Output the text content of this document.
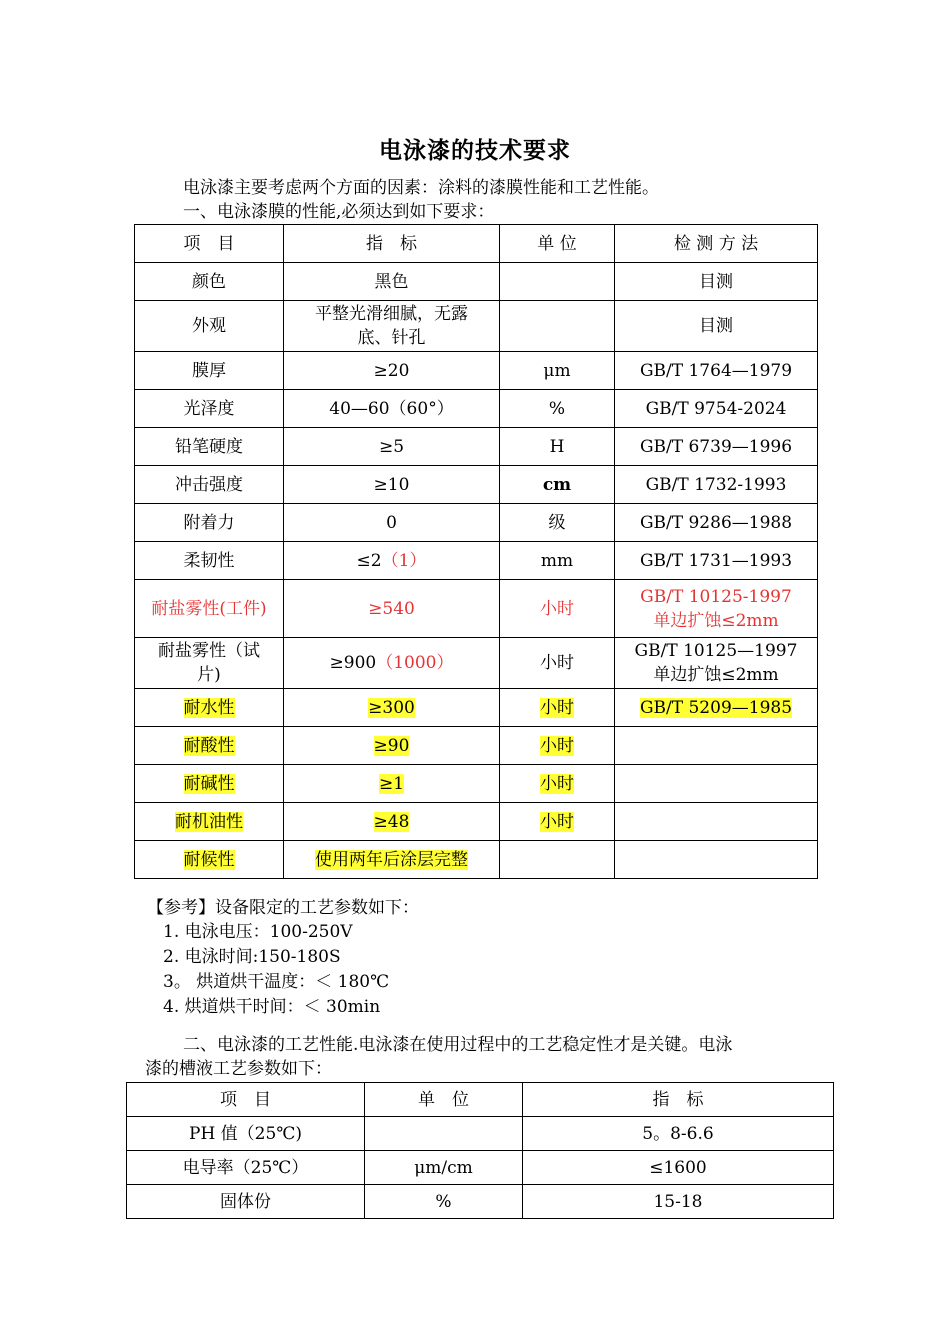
电泳漆的技术要求
电泳漆主要考虑两个方面的因素：涂料的漆膜性能和工艺性能。
一、电泳漆膜的性能,必须达到如下要求：
项　目	指　标	单 位	检 测 方 法
颜色	黑色		目测
外观	平整光滑细腻，无露底、针孔		目测
膜厚	≥20	μm	GB/T 1764—1979
光泽度	40—60（60°）	%	GB/T 9754-2024
铅笔硬度	≥5	H	GB/T 6739—1996
冲击强度	≥10	cm	GB/T 1732-1993
附着力	0	级	GB/T 9286—1988
柔韧性	≤2（1）	mm	GB/T 1731—1993
耐盐雾性(工件)	≥540	小时	GB/T 10125-1997
单边扩蚀≤2mm

耐盐雾性（试片)	≥900（1000）	小时	GB/T 10125—1997
单边扩蚀≤2mm

耐水性	≥300	小时	GB/T 5209—1985
耐酸性	≥90	小时	
耐碱性	≥1	小时	
耐机油性	≥48	小时	
耐候性	使用两年后涂层完整		
【参考】设备限定的工艺参数如下：
1. 电泳电压：100-250V
2. 电泳时间:150-180S
3。 烘道烘干温度：＜ 180℃
4. 烘道烘干时间：＜ 30min
二、电泳漆的工艺性能.电泳漆在使用过程中的工艺稳定性才是关键。电泳
漆的槽液工艺参数如下：
项　目	单　位	指　标
PH 值（25℃)		5。8-6.6
电导率（25℃）	μm/cm	≤1600
固体份	%	15-18
